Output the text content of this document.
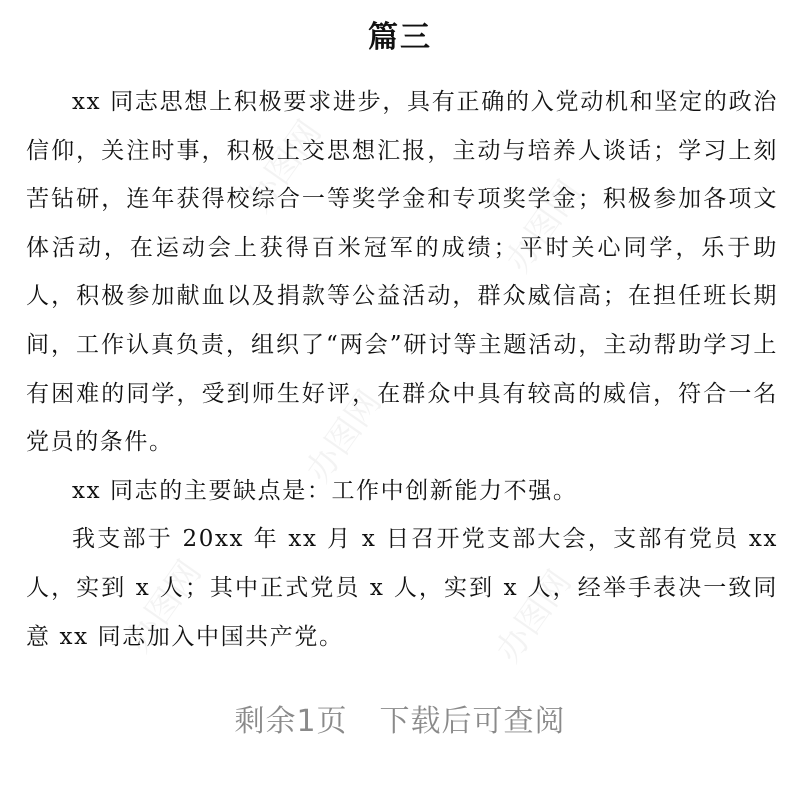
办图网
办图网	办图网
办图网
办图网
篇三

xx 同志思想上积极要求进步，具有正确的入党动机和坚定的政治信仰，关注时事，积极上交思想汇报，主动与培养人谈话；学习上刻苦钻研，连年获得校综合一等奖学金和专项奖学金；积极参加各项文体活动，在运动会上获得百米冠军的成绩；平时关心同学，乐于助人，积极参加献血以及捐款等公益活动，群众威信高；在担任班长期间，工作认真负责，组织了“两会”研讨等主题活动，主动帮助学习上有困难的同学，受到师生好评，在群众中具有较高的威信，符合一名党员的条件。

xx 同志的主要缺点是：工作中创新能力不强。

我支部于 20xx 年 xx 月 x 日召开党支部大会，支部有党员 xx 人，实到 x 人；其中正式党员 x 人，实到 x 人，经举手表决一致同意 xx 同志加入中国共产党。

剩余1页 下载后可查阅
